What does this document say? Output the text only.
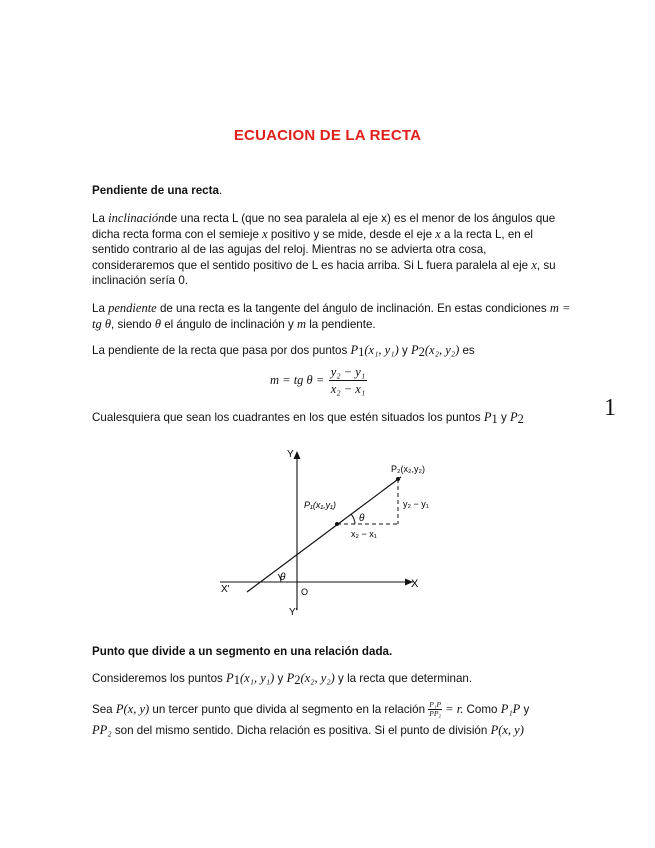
ECUACION DE LA RECTA
Pendiente de una recta.
La inclinaciónde una recta L (que no sea paralela al eje x) es el menor de los ángulos que dicha recta forma con el semieje x positivo y se mide, desde el eje x a la recta L, en el sentido contrario al de las agujas del reloj. Mientras no se advierta otra cosa, consideraremos que el sentido positivo de L es hacia arriba. Si L fuera paralela al eje x, su inclinación sería 0.
La pendiente de una recta es la tangente del ángulo de inclinación. En estas condiciones m = tg θ, siendo θ el ángulo de inclinación y m la pendiente.
La pendiente de la recta que pasa por dos puntos $P_1(x_1$, y₁) y $P_2(x_2$, y₂) es
m = tg $\theta = \frac{\text{y₂ − y₁}}{\text{x₂ − x₁}}$
Cualesquiera que sean los cuadrantes en los que estén situados los puntos $P_1$ y $P_2$	1
Y
Y'
X
X'	O
P₁(x₁,y₁)
P₂(x₂,y₂)
θ
θ
x₂ − x₁
y₂ − y₁
Punto que divide a un segmento en una relación dada.
Consideremos los puntos $P_1(x_1$, y₁) y $P_2(x_2$, y₂) y la recta que determinan.
Sea P(x, y) un tercer punto que divida al segmento en la relación $\frac{\text{P₁P}}{\text{PP₂}} = r$. Como P₁P y
PP₂ son del mismo sentido. Dicha relación es positiva. Si el punto de división P(x, y)
